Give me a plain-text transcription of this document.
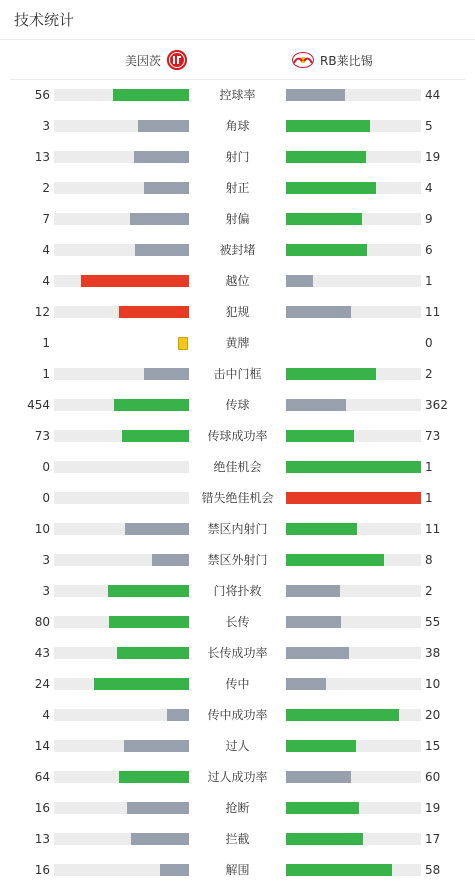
技术统计
美因茨	RB莱比锡
56	控球率	44
3	角球	5
13	射门	19
2	射正	4
7	射偏	9
4	被封堵	6
4	越位	1
12	犯规	11
1	黄牌	0
1	击中门框	2
454	传球	362
73	传球成功率	73
0	绝佳机会	1
0	错失绝佳机会	1
10	禁区内射门	11
3	禁区外射门	8
3	门将扑救	2
80	长传	55
43	长传成功率	38
24	传中	10
4	传中成功率	20
14	过人	15
64	过人成功率	60
16	抢断	19
13	拦截	17
16	解围	58
